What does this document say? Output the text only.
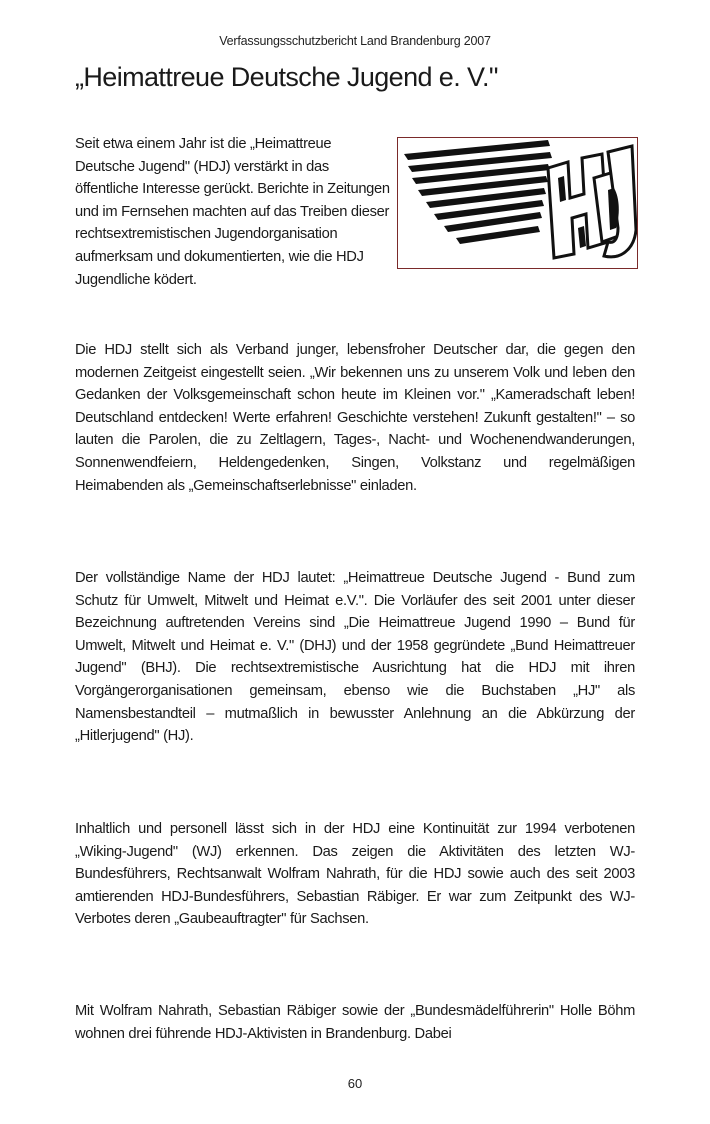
Verfassungsschutzbericht Land Brandenburg 2007
„Heimattreue Deutsche Jugend e. V."

Seit etwa einem Jahr ist die „Heimattreue Deutsche Jugend" (HDJ) verstärkt in das öffentliche Interesse gerückt. Berichte in Zeitungen und im Fernsehen machten auf das Treiben dieser rechtsextremistischen Jugendorganisation aufmerksam und dokumentierten, wie die HDJ Jugendliche ködert.

Die HDJ stellt sich als Verband junger, lebensfroher Deutscher dar, die gegen den modernen Zeitgeist eingestellt seien. „Wir bekennen uns zu unserem Volk und leben den Gedanken der Volksgemeinschaft schon heute im Kleinen vor." „Kameradschaft leben! Deutschland entdecken! Werte erfahren! Geschichte verstehen! Zukunft gestalten!" – so lauten die Parolen, die zu Zeltlagern, Tages-, Nacht- und Wochenendwanderungen, Sonnenwendfeiern, Heldengedenken, Singen, Volkstanz und regelmäßigen Heimabenden als „Gemeinschaftserlebnisse" einladen.

Der vollständige Name der HDJ lautet: „Heimattreue Deutsche Jugend - Bund zum Schutz für Umwelt, Mitwelt und Heimat e.V.". Die Vorläufer des seit 2001 unter dieser Bezeichnung auftretenden Vereins sind „Die Heimattreue Jugend 1990 – Bund für Umwelt, Mitwelt und Heimat e. V." (DHJ) und der 1958 gegründete „Bund Heimattreuer Jugend" (BHJ). Die rechtsextremistische Ausrichtung hat die HDJ mit ihren Vorgängerorganisationen gemeinsam, ebenso wie die Buchstaben „HJ" als Namensbestandteil – mutmaßlich in bewusster Anlehnung an die Abkürzung der „Hitlerjugend" (HJ).

Inhaltlich und personell lässt sich in der HDJ eine Kontinuität zur 1994 verbotenen „Wiking-Jugend" (WJ) erkennen. Das zeigen die Aktivitäten des letzten WJ-Bundesführers, Rechtsanwalt Wolfram Nahrath, für die HDJ sowie auch des seit 2003 amtierenden HDJ-Bundesführers, Sebastian Räbiger. Er war zum Zeitpunkt des WJ-Verbotes deren „Gaubeauftragter" für Sachsen.

Mit Wolfram Nahrath, Sebastian Räbiger sowie der „Bundesmädelführerin" Holle Böhm wohnen drei führende HDJ-Aktivisten in Brandenburg. Dabei

60
